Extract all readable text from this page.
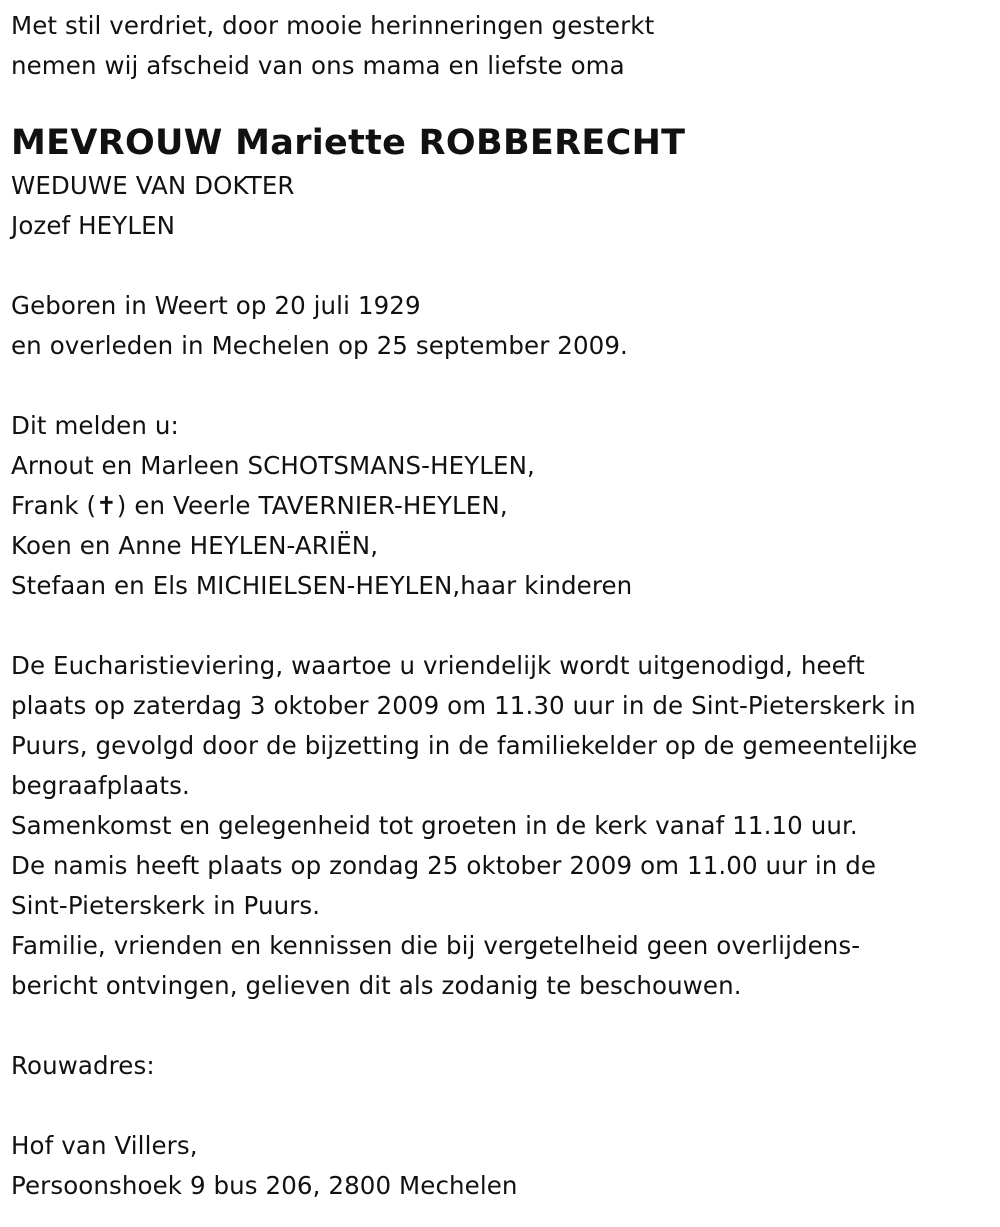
Met stil verdriet, door mooie herinneringen gesterkt
nemen wij afscheid van ons mama en liefste oma
MEVROUW Mariette ROBBERECHT
WEDUWE VAN DOKTER
Jozef HEYLEN
Geboren in Weert op 20 juli 1929
en overleden in Mechelen op 25 september 2009.
Dit melden u:
Arnout en Marleen SCHOTSMANS-HEYLEN,
Frank (✝) en Veerle TAVERNIER-HEYLEN,
Koen en Anne HEYLEN-ARIËN,
Stefaan en Els MICHIELSEN-HEYLEN,haar kinderen
De Eucharistieviering, waartoe u vriendelijk wordt uitgenodigd, heeft
plaats op zaterdag 3 oktober 2009 om 11.30 uur in de Sint-Pieterskerk in
Puurs, gevolgd door de bijzetting in de familiekelder op de gemeentelijke
begraafplaats.
Samenkomst en gelegenheid tot groeten in de kerk vanaf 11.10 uur.
De namis heeft plaats op zondag 25 oktober 2009 om 11.00 uur in de
Sint-Pieterskerk in Puurs.
Familie, vrienden en kennissen die bij vergetelheid geen overlijdens-
bericht ontvingen, gelieven dit als zodanig te beschouwen.
Rouwadres:
Hof van Villers,
Persoonshoek 9 bus 206, 2800 Mechelen
